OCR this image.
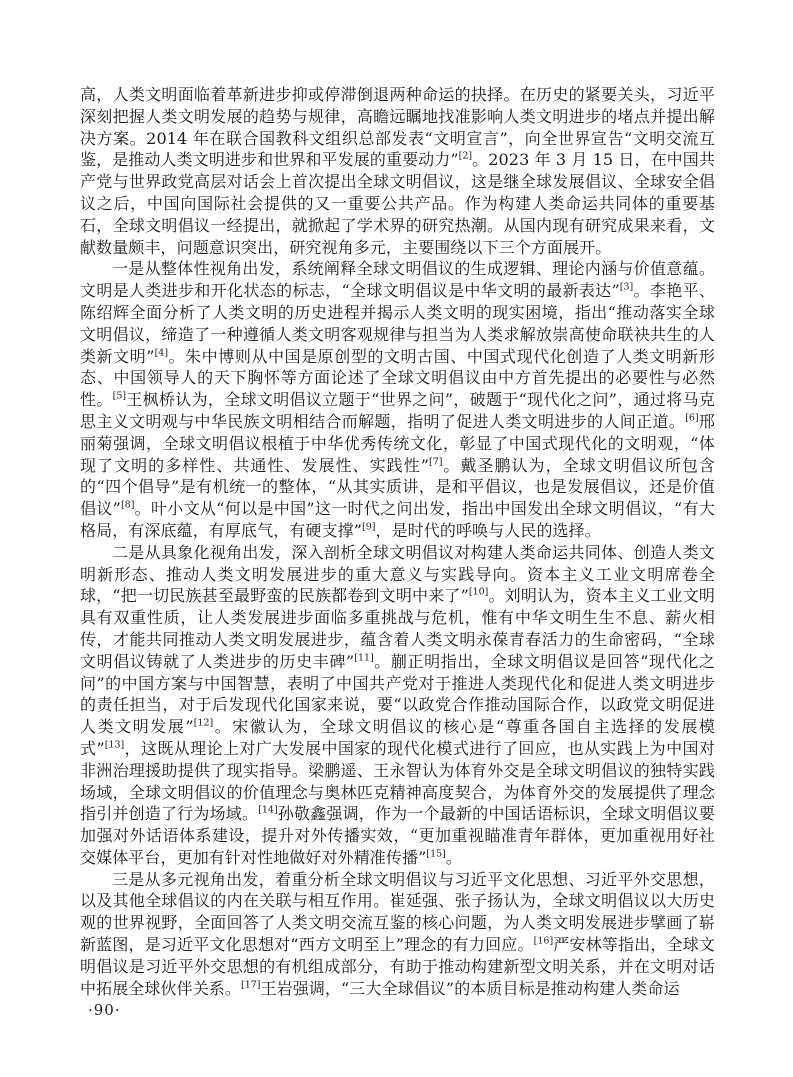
高，人类文明面临着革新进步抑或停滞倒退两种命运的抉择。在历史的紧要关头，习近平深刻把握人类文明发展的趋势与规律，高瞻远瞩地找准影响人类文明进步的堵点并提出解决方案。2014 年在联合国教科文组织总部发表“文明宣言”，向全世界宣告“文明交流互鉴，是推动人类文明进步和世界和平发展的重要动力”[2]。2023 年 3 月 15 日，在中国共产党与世界政党高层对话会上首次提出全球文明倡议，这是继全球发展倡议、全球安全倡议之后，中国向国际社会提供的又一重要公共产品。作为构建人类命运共同体的重要基石，全球文明倡议一经提出，就掀起了学术界的研究热潮。从国内现有研究成果来看，文献数量颇丰，问题意识突出，研究视角多元，主要围绕以下三个方面展开。

一是从整体性视角出发，系统阐释全球文明倡议的生成逻辑、理论内涵与价值意蕴。文明是人类进步和开化状态的标志，“全球文明倡议是中华文明的最新表达”[3]。李艳平、陈绍辉全面分析了人类文明的历史进程并揭示人类文明的现实困境，指出“推动落实全球文明倡议，缔造了一种遵循人类文明客观规律与担当为人类求解放崇高使命联袂共生的人类新文明”[4]。朱中博则从中国是原创型的文明古国、中国式现代化创造了人类文明新形态、中国领导人的天下胸怀等方面论述了全球文明倡议由中方首先提出的必要性与必然性。[5]王枫桥认为，全球文明倡议立题于“世界之问”，破题于“现代化之问”，通过将马克思主义文明观与中华民族文明相结合而解题，指明了促进人类文明进步的人间正道。[6]邢丽菊强调，全球文明倡议根植于中华优秀传统文化，彰显了中国式现代化的文明观，“体现了文明的多样性、共通性、发展性、实践性”[7]。戴圣鹏认为，全球文明倡议所包含的“四个倡导”是有机统一的整体，“从其实质讲，是和平倡议，也是发展倡议，还是价值倡议”[8]。叶小文从“何以是中国”这一时代之问出发，指出中国发出全球文明倡议，“有大格局，有深底蕴，有厚底气，有硬支撑”[9]，是时代的呼唤与人民的选择。

二是从具象化视角出发，深入剖析全球文明倡议对构建人类命运共同体、创造人类文明新形态、推动人类文明发展进步的重大意义与实践导向。资本主义工业文明席卷全球，“把一切民族甚至最野蛮的民族都卷到文明中来了”[10]。刘明认为，资本主义工业文明具有双重性质，让人类发展进步面临多重挑战与危机，惟有中华文明生生不息、薪火相传，才能共同推动人类文明发展进步，蕴含着人类文明永葆青春活力的生命密码，“全球文明倡议铸就了人类进步的历史丰碑”[11]。蒯正明指出，全球文明倡议是回答“现代化之问”的中国方案与中国智慧，表明了中国共产党对于推进人类现代化和促进人类文明进步的责任担当，对于后发现代化国家来说，要“以政党合作推动国际合作，以政党文明促进人类文明发展”[12]。宋徽认为，全球文明倡议的核心是“尊重各国自主选择的发展模式”[13]，这既从理论上对广大发展中国家的现代化模式进行了回应，也从实践上为中国对非洲治理援助提供了现实指导。梁鹏遥、王永智认为体育外交是全球文明倡议的独特实践场域，全球文明倡议的价值理念与奥林匹克精神高度契合，为体育外交的发展提供了理念指引并创造了行为场域。[14]孙敬鑫强调，作为一个最新的中国话语标识，全球文明倡议要加强对外话语体系建设，提升对外传播实效，“更加重视瞄准青年群体，更加重视用好社交媒体平台，更加有针对性地做好对外精准传播”[15]。

三是从多元视角出发，着重分析全球文明倡议与习近平文化思想、习近平外交思想，以及其他全球倡议的内在关联与相互作用。崔延强、张子扬认为，全球文明倡议以大历史观的世界视野，全面回答了人类文明交流互鉴的核心问题，为人类文明发展进步擘画了崭新蓝图，是习近平文化思想对“西方文明至上”理念的有力回应。[16]严安林等指出，全球文明倡议是习近平外交思想的有机组成部分，有助于推动构建新型文明关系，并在文明对话中拓展全球伙伴关系。[17]王岩强调，“三大全球倡议”的本质目标是推动构建人类命运

·90·
